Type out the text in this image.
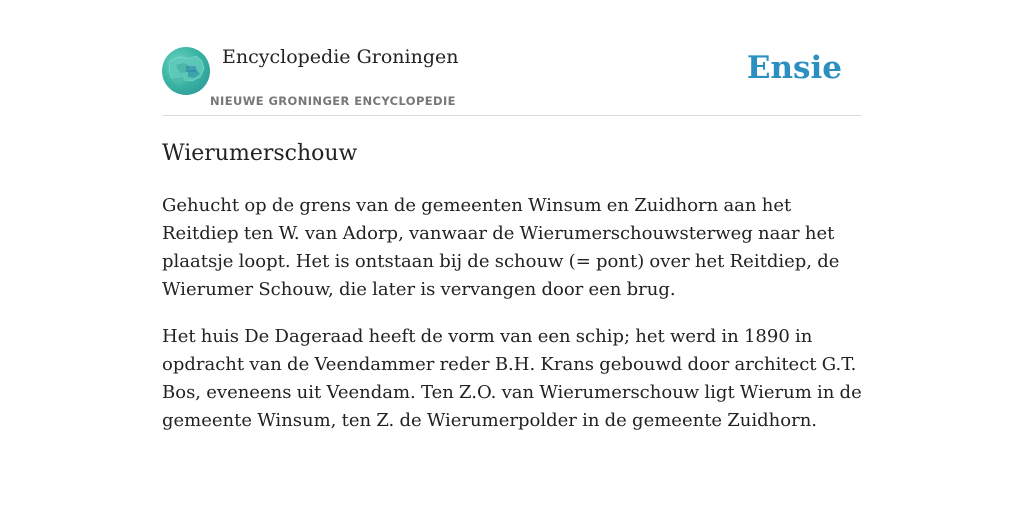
Encyclopedie Groningen
NIEUWE GRONINGER ENCYCLOPEDIE
Ensie
Wierumerschouw

Gehucht op de grens van de gemeenten Winsum en Zuidhorn aan het Reitdiep ten W. van Adorp, vanwaar de Wierumerschouwsterweg naar het plaatsje loopt. Het is ontstaan bij de schouw (= pont) over het Reitdiep, de Wierumer Schouw, die later is vervangen door een brug.

Het huis De Dageraad heeft de vorm van een schip; het werd in 1890 in opdracht van de Veendammer reder B.H. Krans gebouwd door architect G.T. Bos, eveneens uit Veendam. Ten Z.O. van Wierumerschouw ligt Wierum in de gemeente Winsum, ten Z. de Wierumerpolder in de gemeente Zuidhorn.
